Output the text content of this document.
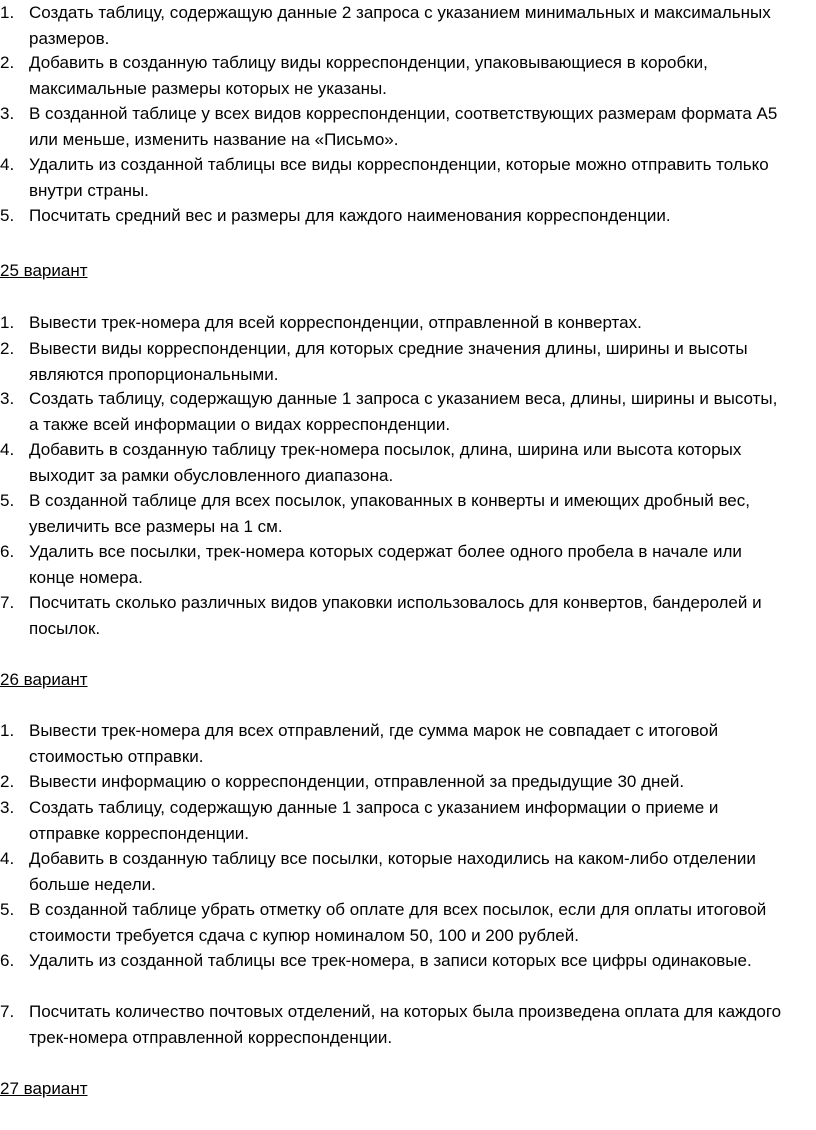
1. Создать таблицу, содержащую данные 2 запроса с указанием минимальных и максимальных размеров.
2. Добавить в созданную таблицу виды корреспонденции, упаковывающиеся в коробки, максимальные размеры которых не указаны.
3. В созданной таблице у всех видов корреспонденции, соответствующих размерам формата А5 или меньше, изменить название на «Письмо».
4. Удалить из созданной таблицы все виды корреспонденции, которые можно отправить только внутри страны.
5. Посчитать средний вес и размеры для каждого наименования корреспонденции.
25 вариант
1. Вывести трек-номера для всей корреспонденции, отправленной в конвертах.
2. Вывести виды корреспонденции, для которых средние значения длины, ширины и высоты являются пропорциональными.
3. Создать таблицу, содержащую данные 1 запроса с указанием веса, длины, ширины и высоты, а также всей информации о видах корреспонденции.
4. Добавить в созданную таблицу трек-номера посылок, длина, ширина или высота которых выходит за рамки обусловленного диапазона.
5. В созданной таблице для всех посылок, упакованных в конверты и имеющих дробный вес, увеличить все размеры на 1 см.
6. Удалить все посылки, трек-номера которых содержат более одного пробела в начале или конце номера.
7. Посчитать сколько различных видов упаковки использовалось для конвертов, бандеролей и посылок.
26 вариант
1. Вывести трек-номера для всех отправлений, где сумма марок не совпадает с итоговой стоимостью отправки.
2. Вывести информацию о корреспонденции, отправленной за предыдущие 30 дней.
3. Создать таблицу, содержащую данные 1 запроса с указанием информации о приеме и отправке корреспонденции.
4. Добавить в созданную таблицу все посылки, которые находились на каком-либо отделении больше недели.
5. В созданной таблице убрать отметку об оплате для всех посылок, если для оплаты итоговой стоимости требуется сдача с купюр номиналом 50, 100 и 200 рублей.
6. Удалить из созданной таблицы все трек-номера, в записи которых все цифры одинаковые.
7. Посчитать количество почтовых отделений, на которых была произведена оплата для каждого трек-номера отправленной корреспонденции.
27 вариант
